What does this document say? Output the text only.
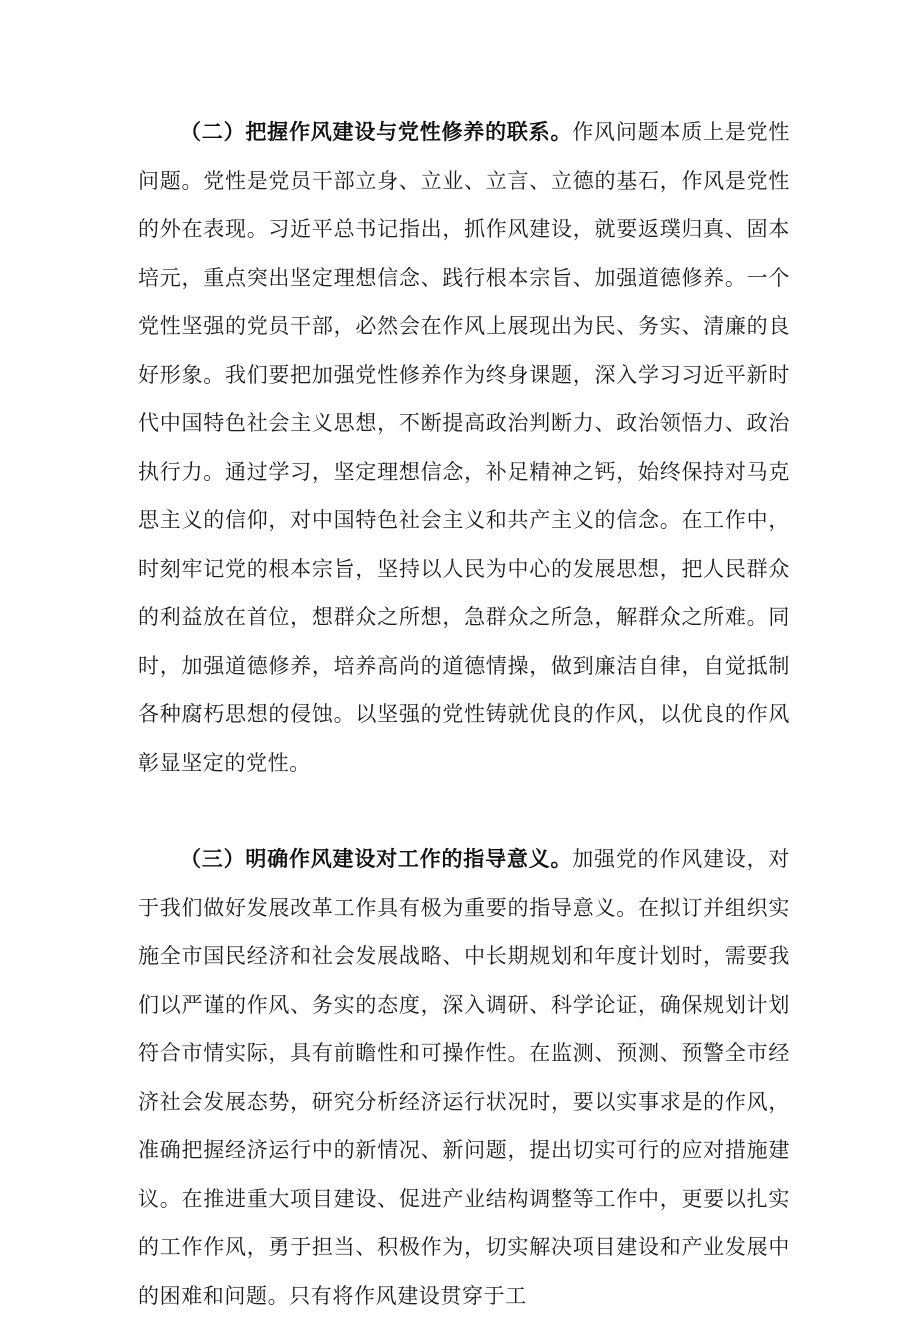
（二）把握作风建设与党性修养的联系。作风问题本质上是党性问题。党性是党员干部立身、立业、立言、立德的基石，作风是党性的外在表现。习近平总书记指出，抓作风建设，就要返璞归真、固本培元，重点突出坚定理想信念、践行根本宗旨、加强道德修养。一个党性坚强的党员干部，必然会在作风上展现出为民、务实、清廉的良好形象。我们要把加强党性修养作为终身课题，深入学习习近平新时代中国特色社会主义思想，不断提高政治判断力、政治领悟力、政治执行力。通过学习，坚定理想信念，补足精神之钙，始终保持对马克思主义的信仰，对中国特色社会主义和共产主义的信念。在工作中，时刻牢记党的根本宗旨，坚持以人民为中心的发展思想，把人民群众的利益放在首位，想群众之所想，急群众之所急，解群众之所难。同时，加强道德修养，培养高尚的道德情操，做到廉洁自律，自觉抵制各种腐朽思想的侵蚀。以坚强的党性铸就优良的作风，以优良的作风彰显坚定的党性。

（三）明确作风建设对工作的指导意义。加强党的作风建设，对于我们做好发展改革工作具有极为重要的指导意义。在拟订并组织实施全市国民经济和社会发展战略、中长期规划和年度计划时，需要我们以严谨的作风、务实的态度，深入调研、科学论证，确保规划计划符合市情实际，具有前瞻性和可操作性。在监测、预测、预警全市经济社会发展态势，研究分析经济运行状况时，要以实事求是的作风，准确把握经济运行中的新情况、新问题，提出切实可行的应对措施建议。在推进重大项目建设、促进产业结构调整等工作中，更要以扎实的工作作风，勇于担当、积极作为，切实解决项目建设和产业发展中的困难和问题。只有将作风建设贯穿于工
